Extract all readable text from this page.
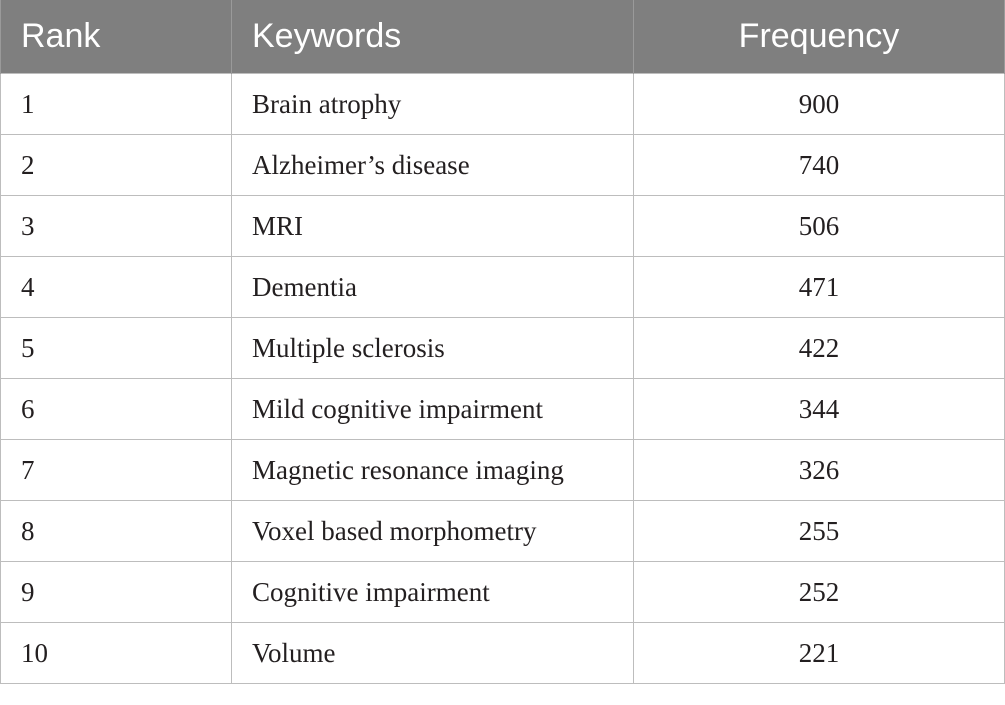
Rank	Keywords	Frequency
1	Brain atrophy	900
2	Alzheimer’s disease	740
3	MRI	506
4	Dementia	471
5	Multiple sclerosis	422
6	Mild cognitive impairment	344
7	Magnetic resonance imaging	326
8	Voxel based morphometry	255
9	Cognitive impairment	252
10	Volume	221
